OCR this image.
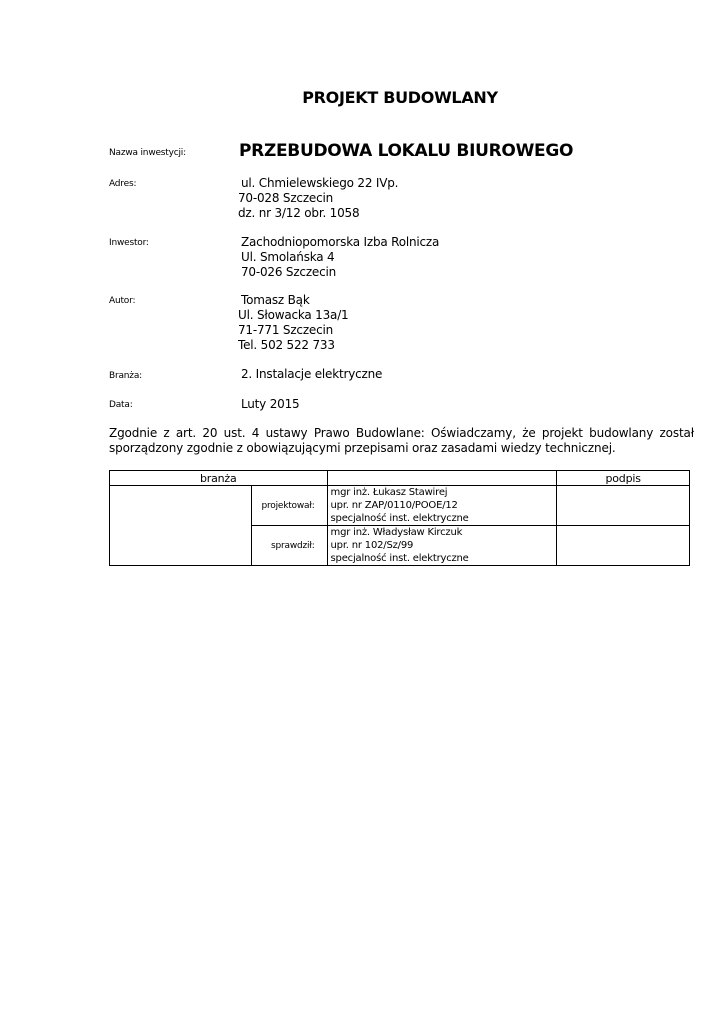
PROJEKT BUDOWLANY
Nazwa inwestycji:	PRZEBUDOWA LOKALU BIUROWEGO
Adres:	ul. Chmielewskiego 22 IVp.
70-028 Szczecin
dz. nr 3/12 obr. 1058
Inwestor:	Zachodniopomorska Izba Rolnicza
Ul. Smolańska 4
70-026 Szczecin
Autor:	Tomasz Bąk
Ul. Słowacka 13a/1
71-771 Szczecin
Tel. 502 522 733
Branża:	2. Instalacje elektryczne
Data:	Luty 2015
Zgodnie z art. 20 ust. 4 ustawy Prawo Budowlane: Oświadczamy, że projekt budowlany został sporządzony zgodnie z obowiązującymi przepisami oraz zasadami wiedzy technicznej.
branża			podpis
	projektował:	mgr inż. Łukasz Stawirej
upr. nr ZAP/0110/POOE/12
specjalność inst. elektryczne	

	sprawdził:	mgr inż. Władysław Kirczuk
upr. nr 102/Sz/99
specjalność inst. elektryczne	
